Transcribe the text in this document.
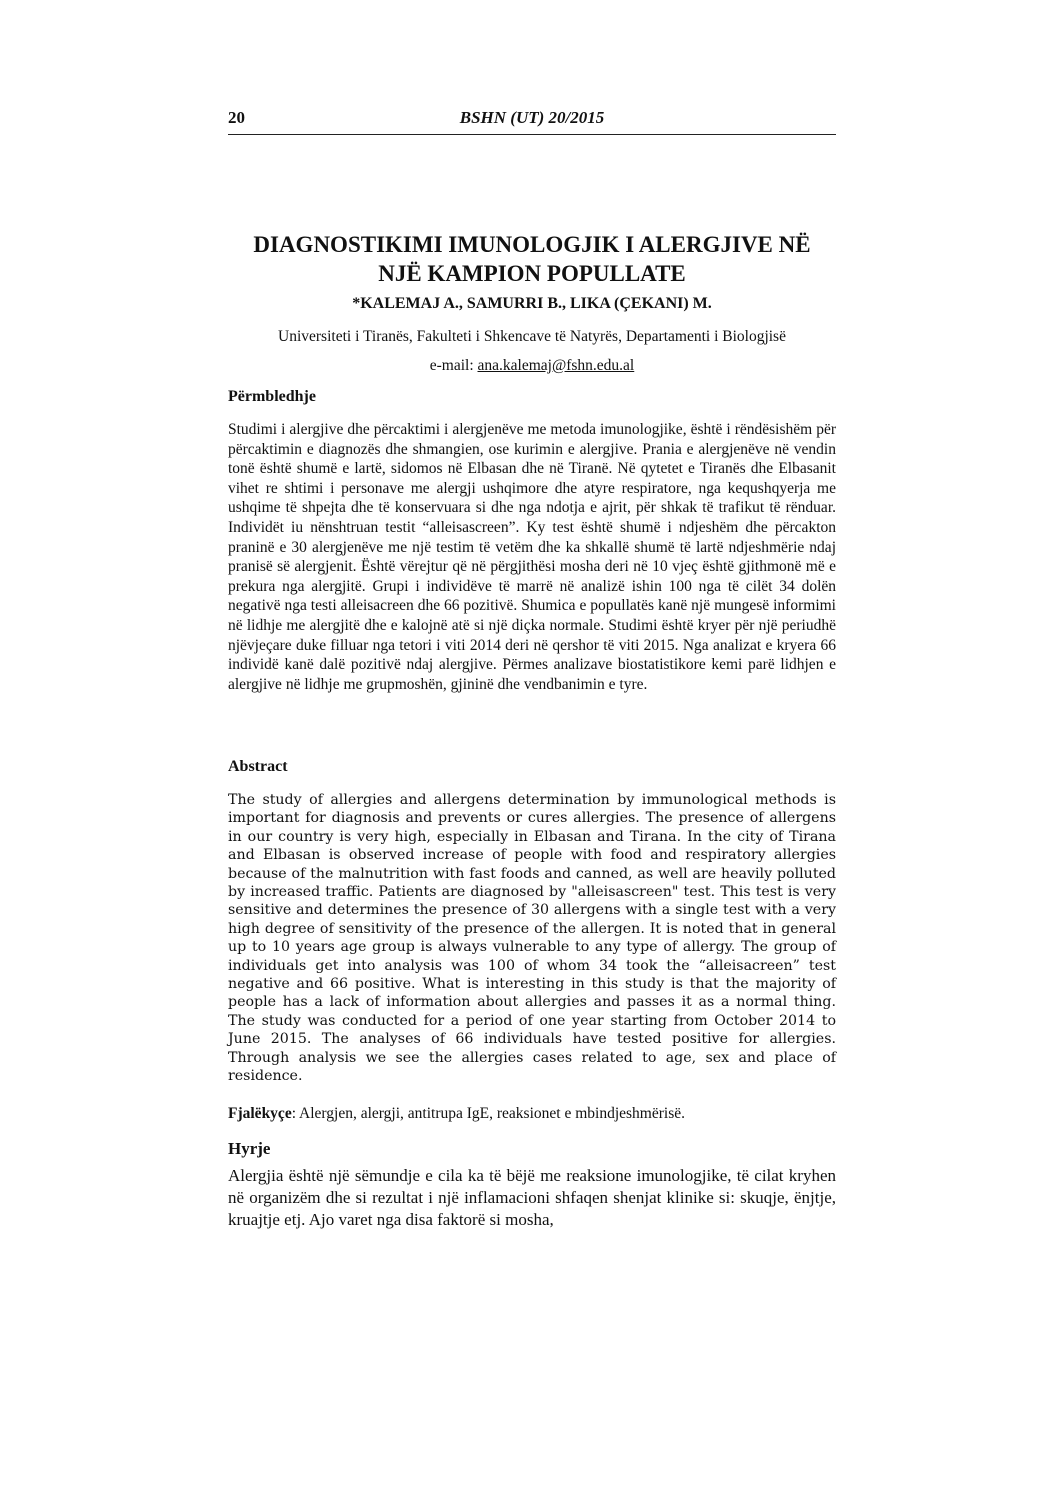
20	BSHN (UT) 20/2015
DIAGNOSTIKIMI IMUNOLOGJIK I ALERGJIVE NË
NJË KAMPION POPULLATE
*KALEMAJ A., SAMURRI B., LIKA (ÇEKANI) M.
Universiteti i Tiranës, Fakulteti i Shkencave të Natyrës, Departamenti i Biologjisë
e-mail: ana.kalemaj@fshn.edu.al
Përmbledhje

Studimi i alergjive dhe përcaktimi i alergjenëve me metoda imunologjike, është i rëndësishëm për përcaktimin e diagnozës dhe shmangien, ose kurimin e alergjive. Prania e alergjenëve në vendin tonë është shumë e lartë, sidomos në Elbasan dhe në Tiranë. Në qytetet e Tiranës dhe Elbasanit vihet re shtimi i personave me alergji ushqimore dhe atyre respiratore, nga kequshqyerja me ushqime të shpejta dhe të konservuara si dhe nga ndotja e ajrit, për shkak të trafikut të rënduar. Individët iu nënshtruan testit “alleisascreen”. Ky test është shumë i ndjeshëm dhe përcakton praninë e 30 alergjenëve me një testim të vetëm dhe ka shkallë shumë të lartë ndjeshmërie ndaj pranisë së alergjenit. Është vërejtur që në përgjithësi mosha deri në 10 vjeç është gjithmonë më e prekura nga alergjitë. Grupi i individëve të marrë në analizë ishin 100 nga të cilët 34 dolën negativë nga testi alleisacreen dhe 66 pozitivë. Shumica e popullatës kanë një mungesë informimi në lidhje me alergjitë dhe e kalojnë atë si një diçka normale. Studimi është kryer për një periudhë njëvjeçare duke filluar nga tetori i viti 2014 deri në qershor të viti 2015. Nga analizat e kryera 66 individë kanë dalë pozitivë ndaj alergjive. Përmes analizave biostatistikore kemi parë lidhjen e alergjive në lidhje me grupmoshën, gjininë dhe vendbanimin e tyre.

Abstract

The study of allergies and allergens determination by immunological methods is important for diagnosis and prevents or cures allergies. The presence of allergens in our country is very high, especially in Elbasan and Tirana. In the city of Tirana and Elbasan is observed increase of people with food and respiratory allergies because of the malnutrition with fast foods and canned, as well are heavily polluted by increased traffic. Patients are diagnosed by "alleisascreen" test. This test is very sensitive and determines the presence of 30 allergens with a single test with a very high degree of sensitivity of the presence of the allergen. It is noted that in general up to 10 years age group is always vulnerable to any type of allergy. The group of individuals get into analysis was 100 of whom 34 took the “alleisacreen” test negative and 66 positive. What is interesting in this study is that the majority of people has a lack of information about allergies and passes it as a normal thing. The study was conducted for a period of one year starting from October 2014 to June 2015. The analyses of 66 individuals have tested positive for allergies. Through analysis we see the allergies cases related to age, sex and place of residence.

Fjalëkyçe: Alergjen, alergji, antitrupa IgE, reaksionet e mbindjeshmërisë.
Hyrje

Alergjia është një sëmundje e cila ka të bëjë me reaksione imunologjike, të cilat kryhen në organizëm dhe si rezultat i një inflamacioni shfaqen shenjat klinike si: skuqje, ënjtje, kruajtje etj. Ajo varet nga disa faktorë si mosha,
